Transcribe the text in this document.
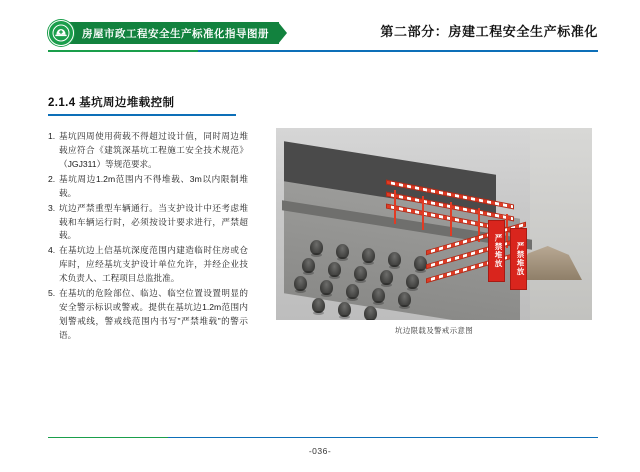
房屋市政工程安全生产标准化指导图册	第二部分：房建工程安全生产标准化
2.1.4 基坑周边堆载控制
1. 基坑四周使用荷载不得超过设计值，同时周边堆载应符合《建筑深基坑工程施工安全技术规范》（JGJ311）等规范要求。
2. 基坑周边1.2m范围内不得堆载、3m以内限制堆载。
3. 坑边严禁重型车辆通行。当支护设计中还考虑堆载和车辆运行时，必须按设计要求进行，严禁超载。
4. 在基坑边上信基坑深度范围内建造临时住房或仓库时，应经基坑支护设计单位允许，并经企业技术负责人、工程项目总监批准。
5. 在基坑的危险部位、临边、临空位置设置明显的安全警示标识或警戒。提供在基坑边1.2m范围内划警戒线，警戒线范围内书写"严禁堆载"的警示语。
严禁堆放	严禁堆放
坑边限载及警戒示意图
-036-
